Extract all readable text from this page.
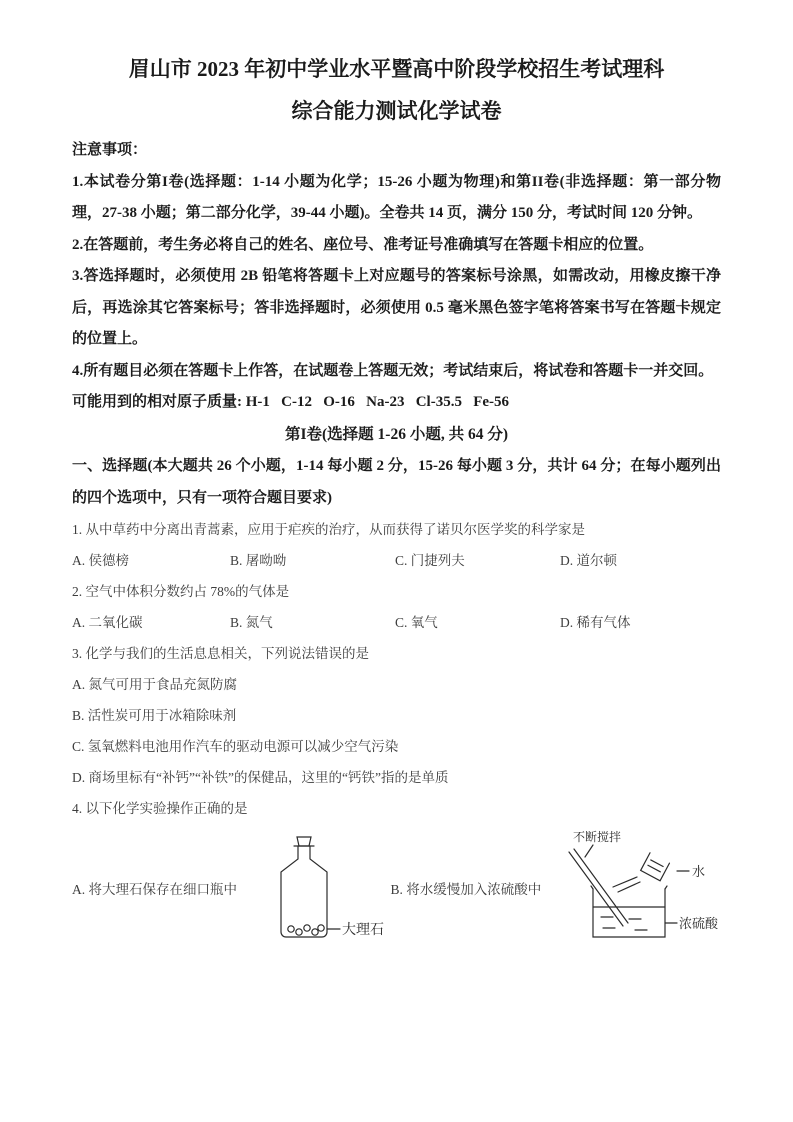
眉山市 2023 年初中学业水平暨高中阶段学校招生考试理科
综合能力测试化学试卷
注意事项：

1.本试卷分第I卷(选择题：1-14 小题为化学；15-26 小题为物理)和第II卷(非选择题：第一部分物理，27-38 小题；第二部分化学，39-44 小题)。全卷共 14 页，满分 150 分，考试时间 120 分钟。

2.在答题前，考生务必将自己的姓名、座位号、准考证号准确填写在答题卡相应的位置。

3.答选择题时，必须使用 2B 铅笔将答题卡上对应题号的答案标号涂黑，如需改动，用橡皮擦干净后，再选涂其它答案标号；答非选择题时，必须使用 0.5 毫米黑色签字笔将答案书写在答题卡规定的位置上。

4.所有题目必须在答题卡上作答，在试题卷上答题无效；考试结束后，将试卷和答题卡一并交回。

可能用到的相对原子质量: H-1   C-12   O-16   Na-23   Cl-35.5   Fe-56

第I卷(选择题 1-26 小题, 共 64 分)

一、选择题(本大题共 26 个小题，1-14 每小题 2 分，15-26 每小题 3 分，共计 64 分；在每小题列出的四个选项中，只有一项符合题目要求)

1. 从中草药中分离出青蒿素，应用于疟疾的治疗，从而获得了诺贝尔医学奖的科学家是
A. 侯德榜	B. 屠呦呦	C. 门捷列夫	D. 道尔顿
2. 空气中体积分数约占 78%的气体是
A. 二氧化碳	B. 氮气	C. 氧气	D. 稀有气体
3. 化学与我们的生活息息相关，下列说法错误的是
A. 氮气可用于食品充氮防腐
B. 活性炭可用于冰箱除味剂
C. 氢氧燃料电池用作汽车的驱动电源可以减少空气污染
D. 商场里标有“补钙”“补铁”的保健品，这里的“钙铁”指的是单质
4. 以下化学实验操作正确的是
A. 将大理石保存在细口瓶中
大理石
B. 将水缓慢加入浓硫酸中
不断搅拌
水
浓硫酸
